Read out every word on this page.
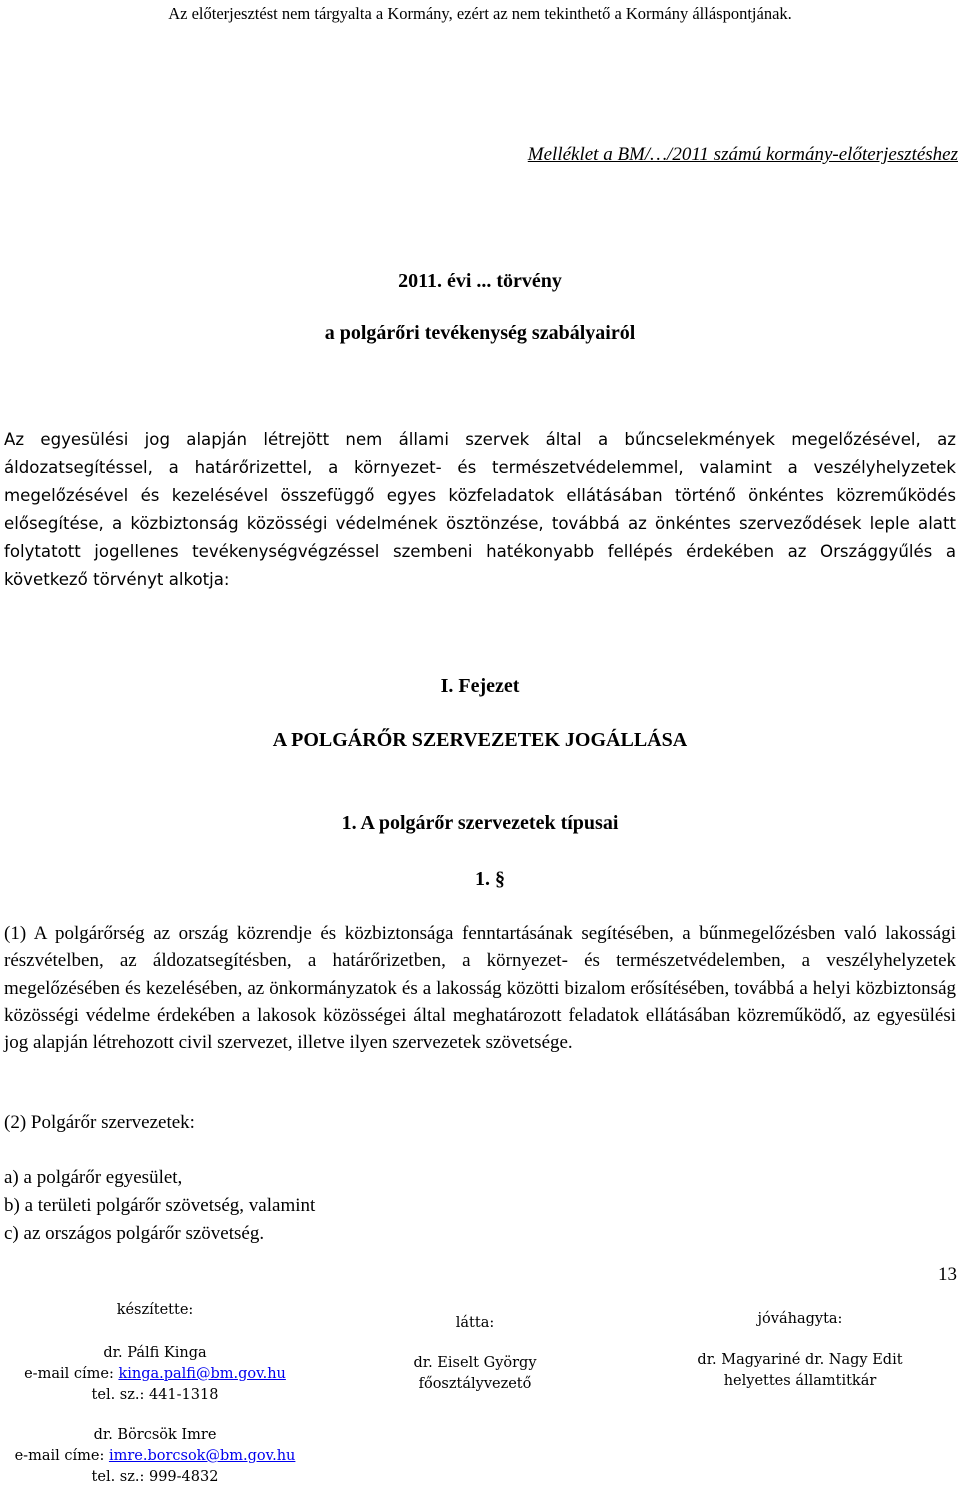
Az előterjesztést nem tárgyalta a Kormány, ezért az nem tekinthető a Kormány álláspontjának.
Melléklet a BM/…/2011 számú kormány-előterjesztéshez
2011. évi ... törvény
a polgárőri tevékenység szabályairól
Az egyesülési jog alapján létrejött nem állami szervek által a bűncselekmények megelőzésével, az áldozatsegítéssel, a határőrizettel, a környezet- és természetvédelemmel, valamint a veszélyhelyzetek megelőzésével és kezelésével összefüggő egyes közfeladatok ellátásában történő önkéntes közreműködés elősegítése, a közbiztonság közösségi védelmének ösztönzése, továbbá az önkéntes szerveződések leple alatt folytatott jogellenes tevékenységvégzéssel szembeni hatékonyabb fellépés érdekében az Országgyűlés a következő törvényt alkotja:
I. Fejezet
A POLGÁRŐR SZERVEZETEK JOGÁLLÁSA
1. A polgárőr szervezetek típusai
1. §
(1) A polgárőrség az ország közrendje és közbiztonsága fenntartásának segítésében, a bűnmegelőzésben való lakossági részvételben, az áldozatsegítésben, a határőrizetben, a környezet- és természetvédelemben, a veszélyhelyzetek megelőzésében és kezelésében, az önkormányzatok és a lakosság közötti bizalom erősítésében, továbbá a helyi közbiztonság közösségi védelme érdekében a lakosok közösségei által meghatározott feladatok ellátásában közreműködő, az egyesülési jog alapján létrehozott civil szervezet, illetve ilyen szervezetek szövetsége.
(2) Polgárőr szervezetek:
a) a polgárőr egyesület,
b) a területi polgárőr szövetség, valamint
c) az országos polgárőr szövetség.
13
készítette:
dr. Pálfi Kinga
e-mail címe: kinga.palfi@bm.gov.hu
tel. sz.: 441-1318
látta:
dr. Eiselt György
főosztályvezető
jóváhagyta:
dr. Magyariné dr. Nagy Edit
helyettes államtitkár
dr. Börcsök Imre
e-mail címe: imre.borcsok@bm.gov.hu
tel. sz.: 999-4832
